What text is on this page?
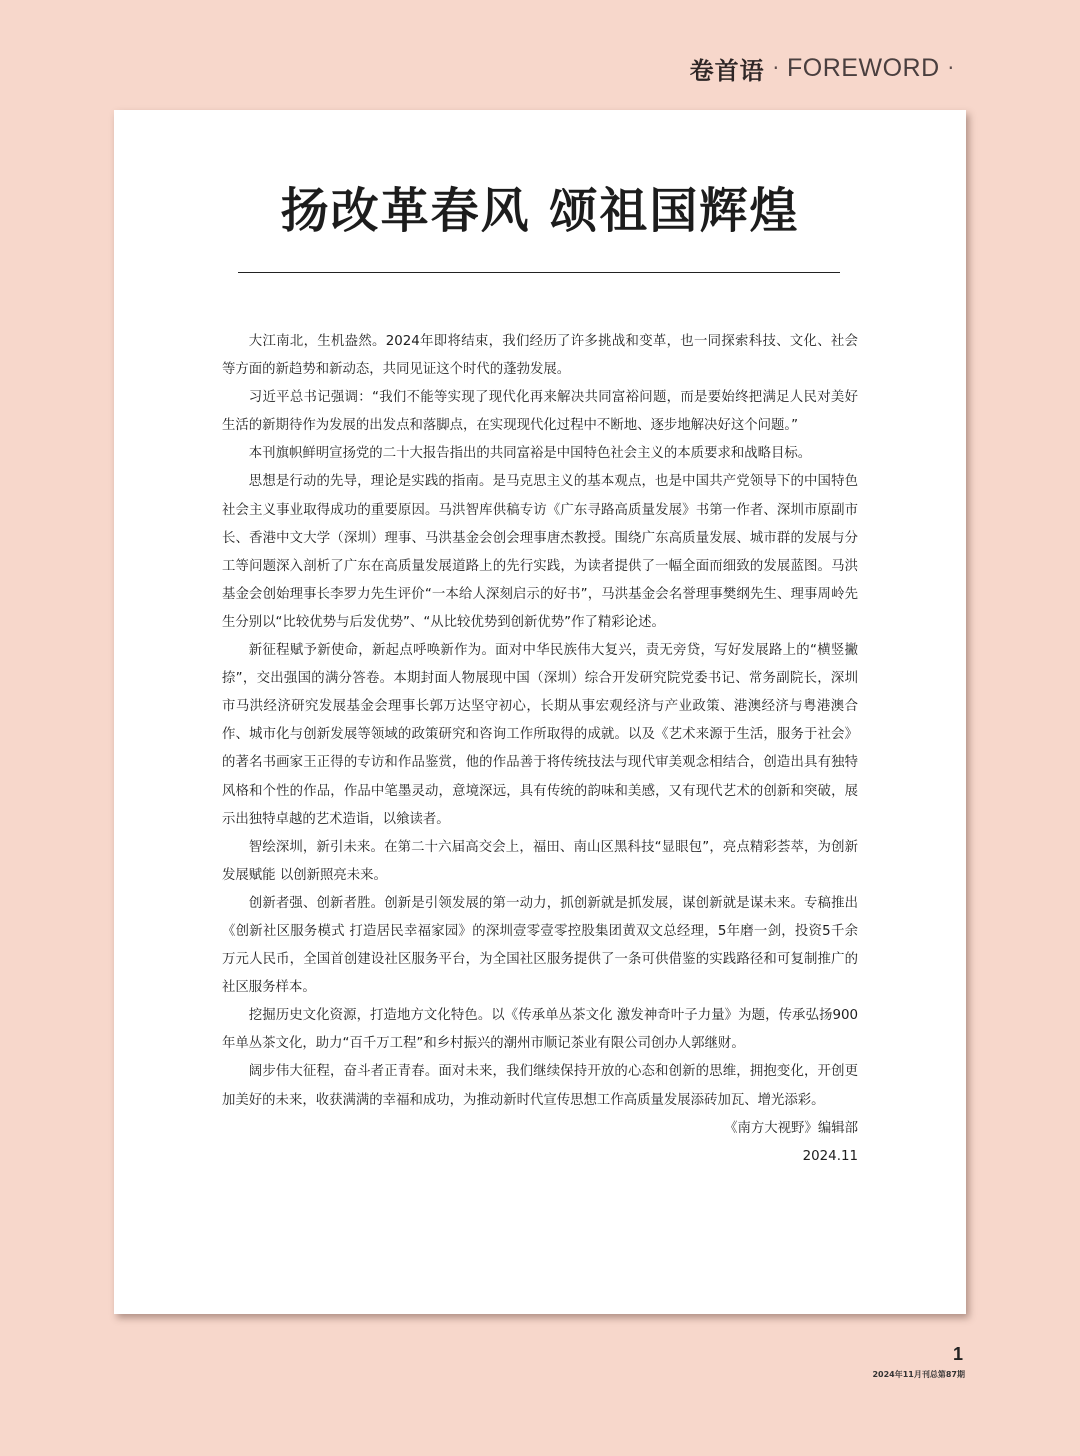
卷首语 · FOREWORD ·
扬改革春风 颂祖国辉煌

大江南北，生机盎然。2024年即将结束，我们经历了许多挑战和变革，也一同探索科技、文化、社会等方面的新趋势和新动态，共同见证这个时代的蓬勃发展。

习近平总书记强调：“我们不能等实现了现代化再来解决共同富裕问题，而是要始终把满足人民对美好生活的新期待作为发展的出发点和落脚点，在实现现代化过程中不断地、逐步地解决好这个问题。”

本刊旗帜鲜明宣扬党的二十大报告指出的共同富裕是中国特色社会主义的本质要求和战略目标。

思想是行动的先导，理论是实践的指南。是马克思主义的基本观点，也是中国共产党领导下的中国特色社会主义事业取得成功的重要原因。马洪智库供稿专访《广东寻路高质量发展》书第一作者、深圳市原副市长、香港中文大学（深圳）理事、马洪基金会创会理事唐杰教授。围绕广东高质量发展、城市群的发展与分工等问题深入剖析了广东在高质量发展道路上的先行实践，为读者提供了一幅全面而细致的发展蓝图。马洪基金会创始理事长李罗力先生评价“一本给人深刻启示的好书”，马洪基金会名誉理事樊纲先生、理事周岭先生分别以“比较优势与后发优势”、“从比较优势到创新优势”作了精彩论述。

新征程赋予新使命，新起点呼唤新作为。面对中华民族伟大复兴，责无旁贷，写好发展路上的“横竖撇捺”，交出强国的满分答卷。本期封面人物展现中国（深圳）综合开发研究院党委书记、常务副院长，深圳市马洪经济研究发展基金会理事长郭万达坚守初心，长期从事宏观经济与产业政策、港澳经济与粤港澳合作、城市化与创新发展等领域的政策研究和咨询工作所取得的成就。以及《艺术来源于生活，服务于社会》的著名书画家王正得的专访和作品鉴赏，他的作品善于将传统技法与现代审美观念相结合，创造出具有独特风格和个性的作品，作品中笔墨灵动，意境深远，具有传统的韵味和美感，又有现代艺术的创新和突破，展示出独特卓越的艺术造诣，以飨读者。

智绘深圳，新引未来。在第二十六届高交会上，福田、南山区黑科技“显眼包”，亮点精彩荟萃，为创新发展赋能 以创新照亮未来。

创新者强、创新者胜。创新是引领发展的第一动力，抓创新就是抓发展，谋创新就是谋未来。专稿推出《创新社区服务模式 打造居民幸福家园》的深圳壹零壹零控股集团黄双文总经理，5年磨一剑，投资5千余万元人民币，全国首创建设社区服务平台，为全国社区服务提供了一条可供借鉴的实践路径和可复制推广的社区服务样本。

挖掘历史文化资源，打造地方文化特色。以《传承单丛茶文化 激发神奇叶子力量》为题，传承弘扬900年单丛茶文化，助力“百千万工程”和乡村振兴的潮州市顺记茶业有限公司创办人郭继财。

阔步伟大征程，奋斗者正青春。面对未来，我们继续保持开放的心态和创新的思维，拥抱变化，开创更加美好的未来，收获满满的幸福和成功，为推动新时代宣传思想工作高质量发展添砖加瓦、增光添彩。

《南方大视野》编辑部

2024.11

1
2024年11月刊总第87期
